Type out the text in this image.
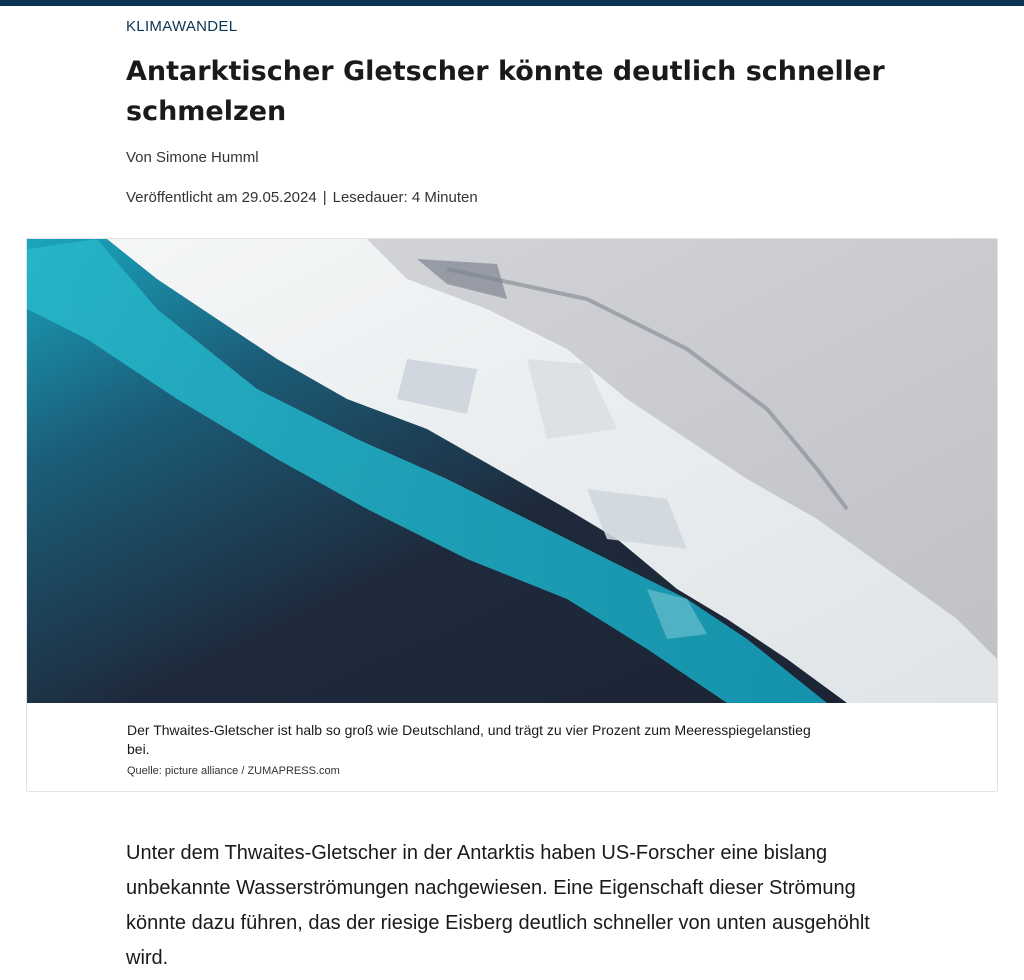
KLIMAWANDEL
Antarktischer Gletscher könnte deutlich schneller schmelzen
Von Simone Humml
Veröffentlicht am 29.05.2024 | Lesedauer: 4 Minuten
Der Thwaites-Gletscher ist halb so groß wie Deutschland, und trägt zu vier Prozent zum Meeresspiegelanstieg bei.
Quelle: picture alliance / ZUMAPRESS.com

Unter dem Thwaites-Gletscher in der Antarktis haben US-Forscher eine bislang unbekannte Wasserströmungen nachgewiesen. Eine Eigenschaft dieser Strömung könnte dazu führen, das der riesige Eisberg deutlich schneller von unten ausgehöhlt wird.
